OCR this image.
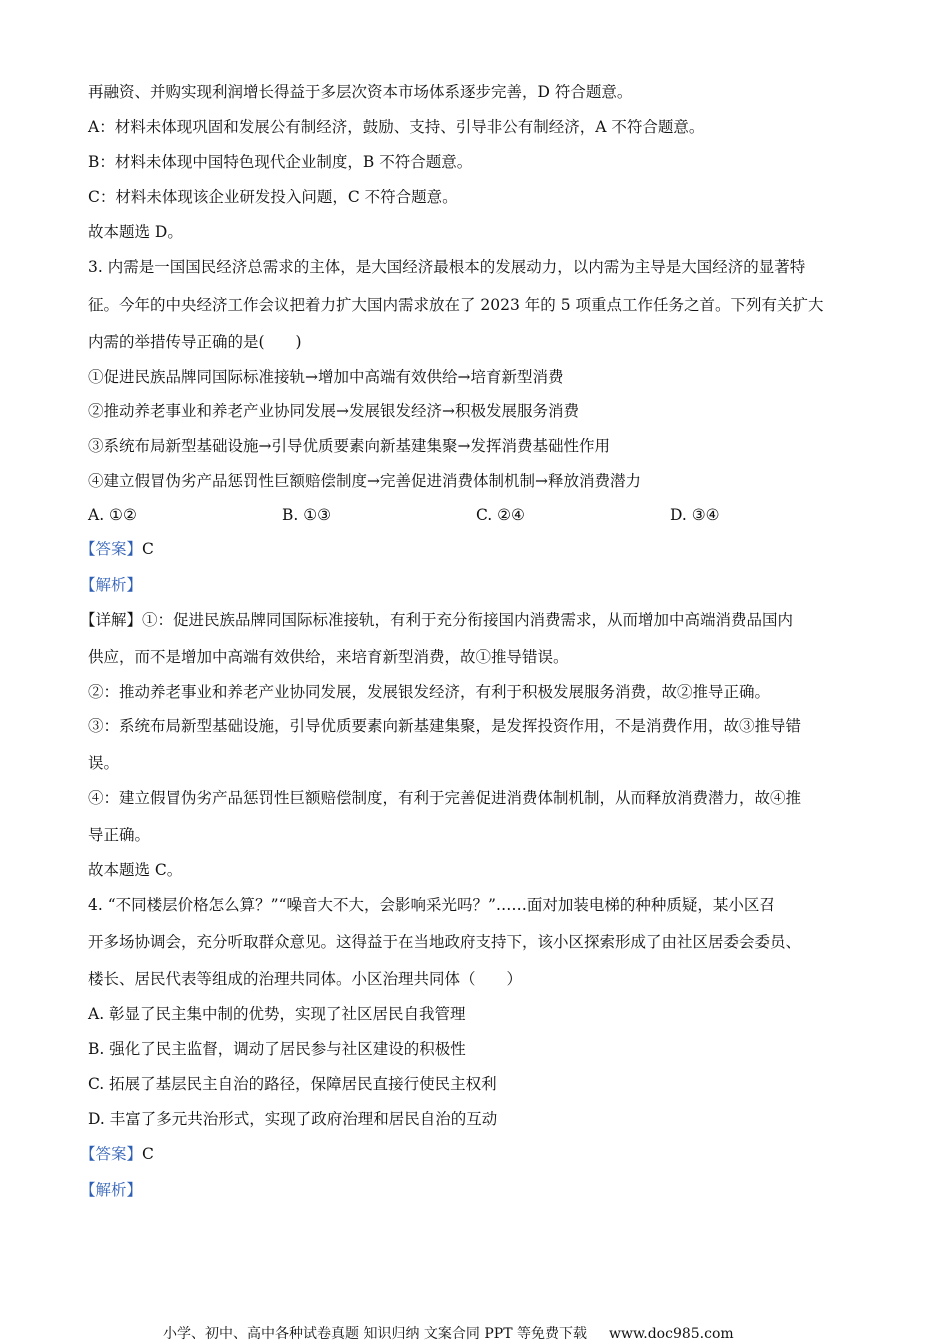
再融资、并购实现利润增长得益于多层次资本市场体系逐步完善，D 符合题意。
A：材料未体现巩固和发展公有制经济，鼓励、支持、引导非公有制经济，A 不符合题意。
B：材料未体现中国特色现代企业制度，B 不符合题意。
C：材料未体现该企业研发投入问题，C 不符合题意。
故本题选 D。
3. 内需是一国国民经济总需求的主体，是大国经济最根本的发展动力，以内需为主导是大国经济的显著特
征。今年的中央经济工作会议把着力扩大国内需求放在了 2023 年的 5 项重点工作任务之首。下列有关扩大
内需的举措传导正确的是(　　)
①促进民族品牌同国际标准接轨→增加中高端有效供给→培育新型消费
②推动养老事业和养老产业协同发展→发展银发经济→积极发展服务消费
③系统布局新型基础设施→引导优质要素向新基建集聚→发挥消费基础性作用
④建立假冒伪劣产品惩罚性巨额赔偿制度→完善促进消费体制机制→释放消费潜力
A. ①②	B. ①③	C. ②④	D. ③④
【答案】C
【解析】
【详解】①：促进民族品牌同国际标准接轨，有利于充分衔接国内消费需求，从而增加中高端消费品国内
供应，而不是增加中高端有效供给，来培育新型消费，故①推导错误。
②：推动养老事业和养老产业协同发展，发展银发经济，有利于积极发展服务消费，故②推导正确。
③：系统布局新型基础设施，引导优质要素向新基建集聚，是发挥投资作用，不是消费作用，故③推导错
误。
④：建立假冒伪劣产品惩罚性巨额赔偿制度，有利于完善促进消费体制机制，从而释放消费潜力，故④推
导正确。
故本题选 C。
4. “不同楼层价格怎么算？”“噪音大不大，会影响采光吗？”……面对加装电梯的种种质疑，某小区召
开多场协调会，充分听取群众意见。这得益于在当地政府支持下，该小区探索形成了由社区居委会委员、
楼长、居民代表等组成的治理共同体。小区治理共同体（　　）
A. 彰显了民主集中制的优势，实现了社区居民自我管理
B. 强化了民主监督，调动了居民参与社区建设的积极性
C. 拓展了基层民主自治的路径，保障居民直接行使民主权利
D. 丰富了多元共治形式，实现了政府治理和居民自治的互动
【答案】C
【解析】
小学、初中、高中各种试卷真题 知识归纳 文案合同 PPT 等免费下载 www.doc985.com
